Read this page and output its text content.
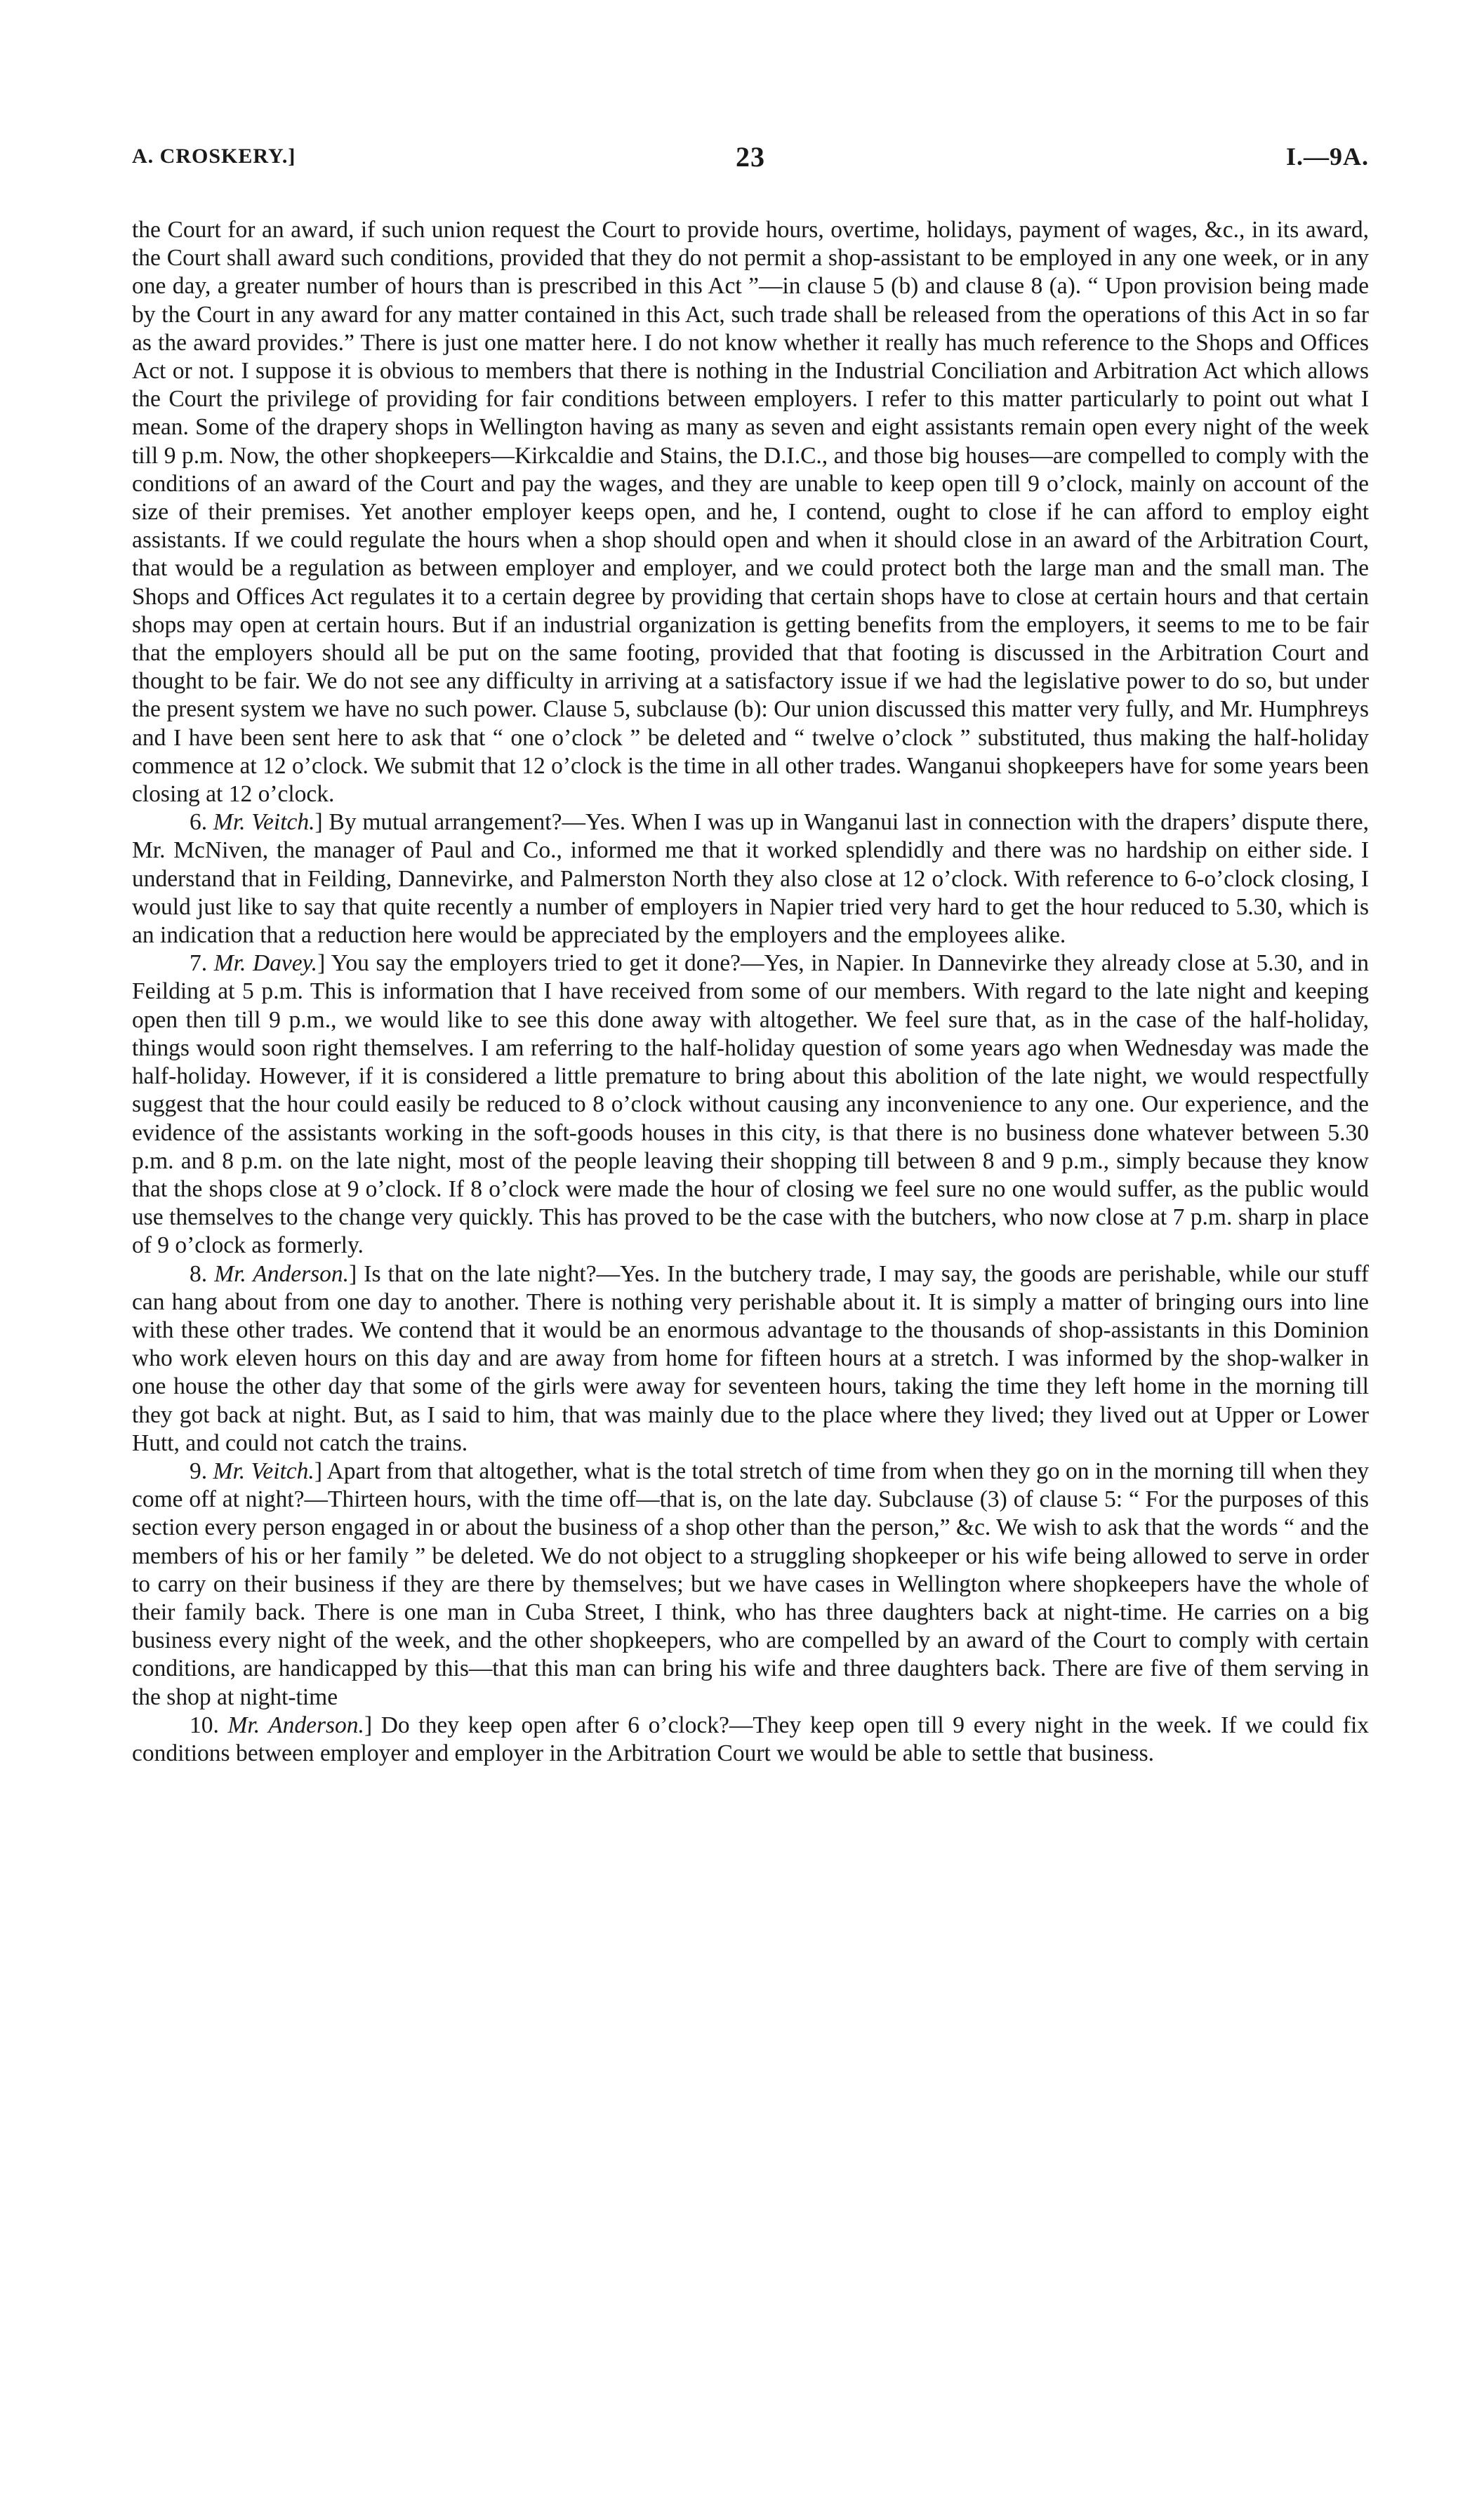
A. CROSKERY.]	23	I.—9A.

the Court for an award, if such union request the Court to provide hours, overtime, holidays, payment of wages, &c., in its award, the Court shall award such conditions, provided that they do not permit a shop-assistant to be employed in any one week, or in any one day, a greater number of hours than is prescribed in this Act ”—in clause 5 (b) and clause 8 (a). “ Upon provision being made by the Court in any award for any matter contained in this Act, such trade shall be released from the operations of this Act in so far as the award provides.” There is just one matter here. I do not know whether it really has much reference to the Shops and Offices Act or not. I suppose it is obvious to members that there is nothing in the Industrial Conciliation and Arbitration Act which allows the Court the privilege of providing for fair conditions between employers. I refer to this matter particularly to point out what I mean. Some of the drapery shops in Wellington having as many as seven and eight assistants remain open every night of the week till 9 p.m. Now, the other shopkeepers—Kirkcaldie and Stains, the D.I.C., and those big houses—are compelled to comply with the conditions of an award of the Court and pay the wages, and they are unable to keep open till 9 o’clock, mainly on account of the size of their premises. Yet another employer keeps open, and he, I contend, ought to close if he can afford to employ eight assistants. If we could regulate the hours when a shop should open and when it should close in an award of the Arbitration Court, that would be a regulation as between employer and employer, and we could protect both the large man and the small man. The Shops and Offices Act regulates it to a certain degree by providing that certain shops have to close at certain hours and that certain shops may open at certain hours. But if an industrial organization is getting benefits from the employers, it seems to me to be fair that the employers should all be put on the same footing, provided that that footing is discussed in the Arbitration Court and thought to be fair. We do not see any difficulty in arriving at a satisfactory issue if we had the legislative power to do so, but under the present system we have no such power. Clause 5, subclause (b): Our union discussed this matter very fully, and Mr. Humphreys and I have been sent here to ask that “ one o’clock ” be deleted and “ twelve o’clock ” substituted, thus making the half-holiday commence at 12 o’clock. We submit that 12 o’clock is the time in all other trades. Wanganui shopkeepers have for some years been closing at 12 o’clock.

6. Mr. Veitch.] By mutual arrangement?—Yes. When I was up in Wanganui last in connection with the drapers’ dispute there, Mr. McNiven, the manager of Paul and Co., informed me that it worked splendidly and there was no hardship on either side. I understand that in Feilding, Dannevirke, and Palmerston North they also close at 12 o’clock. With reference to 6-o’clock closing, I would just like to say that quite recently a number of employers in Napier tried very hard to get the hour reduced to 5.30, which is an indication that a reduction here would be appreciated by the employers and the employees alike.

7. Mr. Davey.] You say the employers tried to get it done?—Yes, in Napier. In Dannevirke they already close at 5.30, and in Feilding at 5 p.m. This is information that I have received from some of our members. With regard to the late night and keeping open then till 9 p.m., we would like to see this done away with altogether. We feel sure that, as in the case of the half-holiday, things would soon right themselves. I am referring to the half-holiday question of some years ago when Wednesday was made the half-holiday. However, if it is considered a little premature to bring about this abolition of the late night, we would respectfully suggest that the hour could easily be reduced to 8 o’clock without causing any inconvenience to any one. Our experience, and the evidence of the assistants working in the soft-goods houses in this city, is that there is no business done whatever between 5.30 p.m. and 8 p.m. on the late night, most of the people leaving their shopping till between 8 and 9 p.m., simply because they know that the shops close at 9 o’clock. If 8 o’clock were made the hour of closing we feel sure no one would suffer, as the public would use themselves to the change very quickly. This has proved to be the case with the butchers, who now close at 7 p.m. sharp in place of 9 o’clock as formerly.

8. Mr. Anderson.] Is that on the late night?—Yes. In the butchery trade, I may say, the goods are perishable, while our stuff can hang about from one day to another. There is nothing very perishable about it. It is simply a matter of bringing ours into line with these other trades. We contend that it would be an enormous advantage to the thousands of shop-assistants in this Dominion who work eleven hours on this day and are away from home for fifteen hours at a stretch. I was informed by the shop-walker in one house the other day that some of the girls were away for seventeen hours, taking the time they left home in the morning till they got back at night. But, as I said to him, that was mainly due to the place where they lived; they lived out at Upper or Lower Hutt, and could not catch the trains.

9. Mr. Veitch.] Apart from that altogether, what is the total stretch of time from when they go on in the morning till when they come off at night?—Thirteen hours, with the time off—that is, on the late day. Subclause (3) of clause 5: “ For the purposes of this section every person engaged in or about the business of a shop other than the person,” &c. We wish to ask that the words “ and the members of his or her family ” be deleted. We do not object to a struggling shopkeeper or his wife being allowed to serve in order to carry on their business if they are there by themselves; but we have cases in Wellington where shopkeepers have the whole of their family back. There is one man in Cuba Street, I think, who has three daughters back at night-time. He carries on a big business every night of the week, and the other shopkeepers, who are compelled by an award of the Court to comply with certain conditions, are handicapped by this—that this man can bring his wife and three daughters back. There are five of them serving in the shop at night-time

10. Mr. Anderson.] Do they keep open after 6 o’clock?—They keep open till 9 every night in the week. If we could fix conditions between employer and employer in the Arbitration Court we would be able to settle that business.
